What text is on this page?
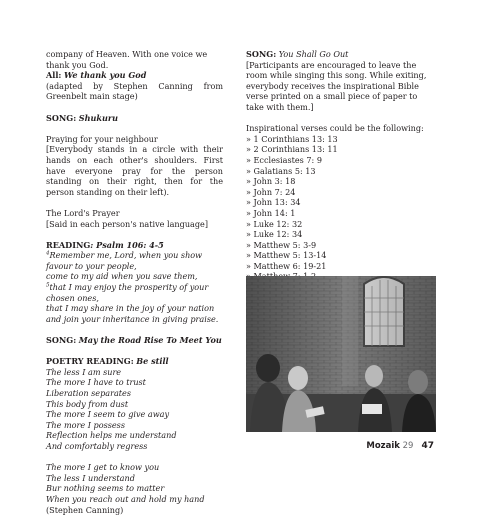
company of Heaven. With one voice we thank you God.

All: We thank you God

(adapted by Stephen Canning from Greenbelt main stage)

SONG: Shukuru

Praying for your neighbour

[Everybody stands in a circle with their hands on each other's shoulders. First have everyone pray for the person standing on their right, then for the person standing on their left).

The Lord's Prayer

[Said in each person's native language]

READING: Psalm 106: 4-5

$^4$Remember me, Lord, when you show favour to your people,

come to my aid when you save them,

$^5$that I may enjoy the prosperity of your chosen ones,

that I may share in the joy of your nation

and join your inheritance in giving praise.

SONG: May the Road Rise To Meet You

POETRY READING: Be still

The less I am sure

The more I have to trust

Liberation separates

This body from dust

The more I seem to give away

The more I possess

Reflection helps me understand

And comfortably regress

The more I get to know you

The less I understand

Bur nothing seems to matter

When you reach out and hold my hand

(Stephen Canning)

SONG: You Shall Go Out

[Participants are encouraged to leave the room while singing this song. While exiting, everybody receives the inspirational Bible verse printed on a small piece of paper to take with them.]

Inspirational verses could be the following:

» 1 Corinthians 13: 13
» 2 Corinthians 13: 11
» Ecclesiastes 7: 9
» Galatians 5: 13
» John 3: 18
» John 7: 24
» John 13: 34
» John 14: 1
» Luke 12: 32
» Luke 12: 34
» Matthew 5: 3-9
» Matthew 5: 13-14
» Matthew 6: 19-21
Mozaik 29 47
